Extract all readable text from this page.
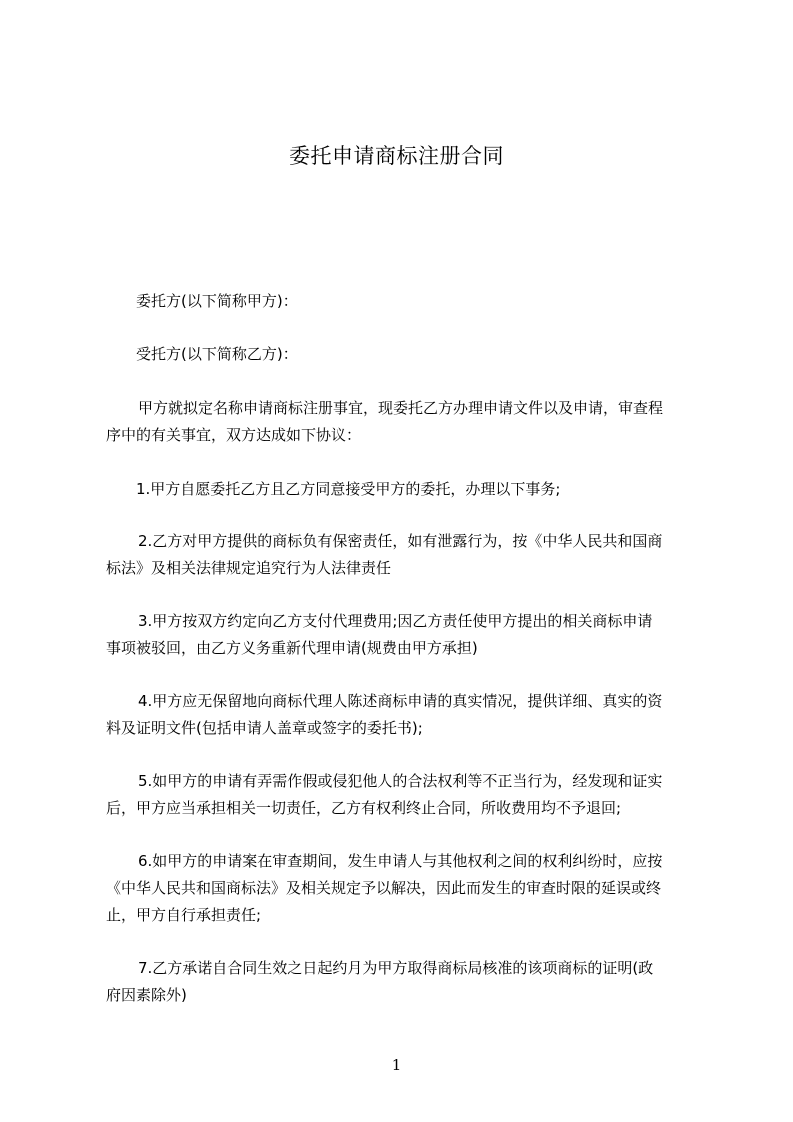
委托申请商标注册合同
委托方(以下简称甲方)：
受托方(以下简称乙方)：
甲方就拟定名称申请商标注册事宜，现委托乙方办理申请文件以及申请，审查程
序中的有关事宜，双方达成如下协议：
1.甲方自愿委托乙方且乙方同意接受甲方的委托，办理以下事务;
2.乙方对甲方提供的商标负有保密责任，如有泄露行为，按《中华人民共和国商
标法》及相关法律规定追究行为人法律责任
3.甲方按双方约定向乙方支付代理费用;因乙方责任使甲方提出的相关商标申请
事项被驳回，由乙方义务重新代理申请(规费由甲方承担)
4.甲方应无保留地向商标代理人陈述商标申请的真实情况，提供详细、真实的资
料及证明文件(包括申请人盖章或签字的委托书);
5.如甲方的申请有弄需作假或侵犯他人的合法权利等不正当行为，经发现和证实
后，甲方应当承担相关一切责任，乙方有权利终止合同，所收费用均不予退回;
6.如甲方的申请案在审查期间，发生申请人与其他权利之间的权利纠纷时，应按
《中华人民共和国商标法》及相关规定予以解决，因此而发生的审查时限的延误或终
止，甲方自行承担责任;
7.乙方承诺自合同生效之日起约月为甲方取得商标局核准的该项商标的证明(政
府因素除外)
1
